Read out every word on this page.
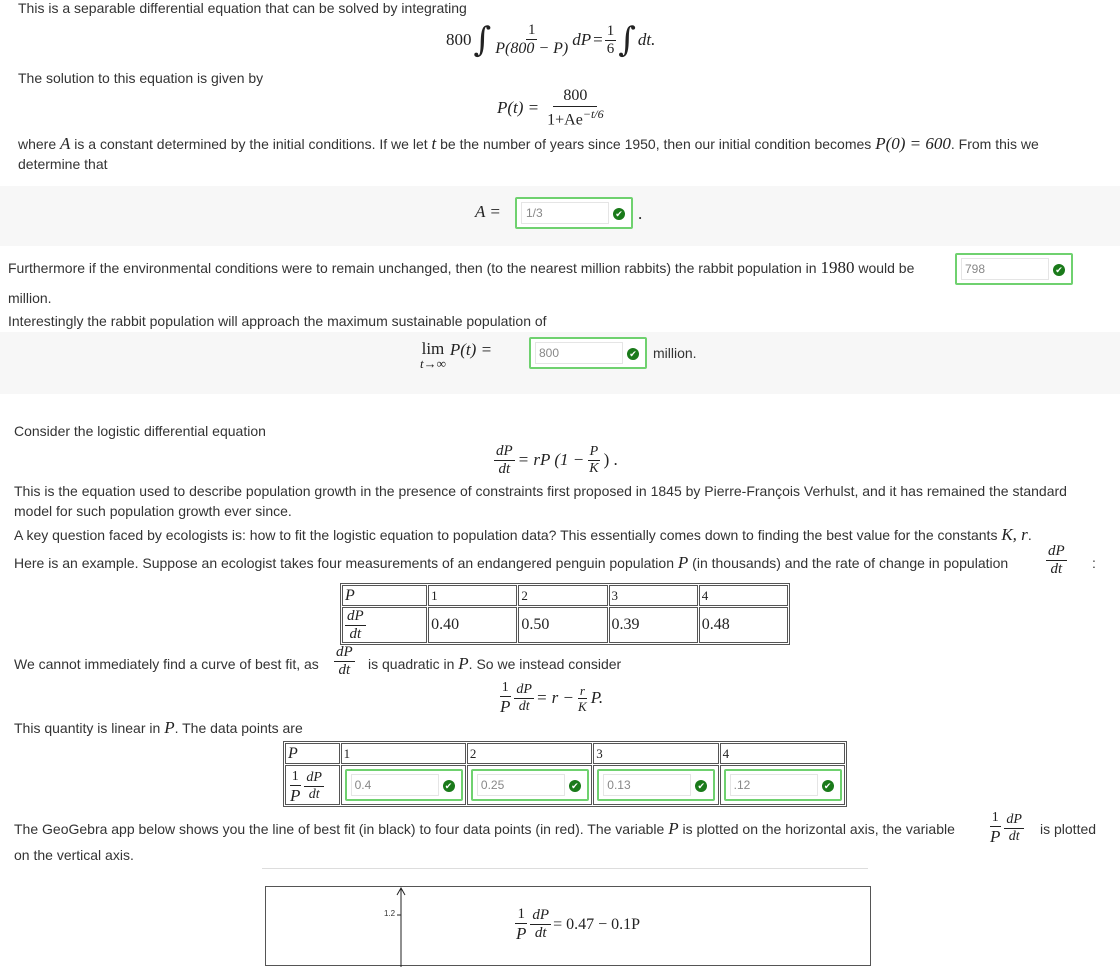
This is a separable differential equation that can be solved by integrating
800 ∫ $\frac{1}{P(800 - P)}$ dP = $\frac{1}{6}$ ∫ dt.
The solution to this equation is given by
$P(t) = \frac{800}{1+Ae^{-t/6}}$
where A is a constant determined by the initial conditions. If we let t be the number of years since 1950, then our initial condition becomes P(0) = 600. From this we
determine that
A = 1/3	✔ .
Furthermore if the environmental conditions were to remain unchanged, then (to the nearest million rabbits) the rabbit population in 1980 would be	798	✔
million.
Interestingly the rabbit population will approach the maximum sustainable population of
lim
t→∞
P(t) =	800	✔ million.
Consider the logistic differential equation
$\frac{dP}{dt}$ = rP ($1 - \frac{P}{K}$ ) .
This is the equation used to describe population growth in the presence of constraints first proposed in 1845 by Pierre-François Verhulst, and it has remained the standard
model for such population growth ever since.
A key question faced by ecologists is: how to fit the logistic equation to population data? This essentially comes down to finding the best value for the constants K, r.
Here is an example. Suppose an ecologist takes four measurements of an endangered penguin population P (in thousands) and the rate of change in population	$\frac{dP}{dt}$ :
P	1	2	3	4

$\frac{dP}{dt}$	0.40	0.50	0.39	0.48
We cannot immediately find a curve of best fit, as $\frac{dP}{dt}$ is quadratic in P. So we instead consider
$\frac{1}{P} \frac{dP}{dt} = r - \frac{r}{K} P$.
This quantity is linear in P. The data points are
P	1	2	3	4

$\frac{1}{P} \frac{dP}{dt}$	0.4 ✔	0.25 ✔	0.13 ✔	.12 ✔
The GeoGebra app below shows you the line of best fit (in black) to four data points (in red). The variable P is plotted on the horizontal axis, the variable $\frac{1}{P} \frac{dP}{dt}$ is plotted
on the vertical axis.
1.2	$\frac{1}{P} \frac{dP}{dt} = 0.47 - 0.1P$
